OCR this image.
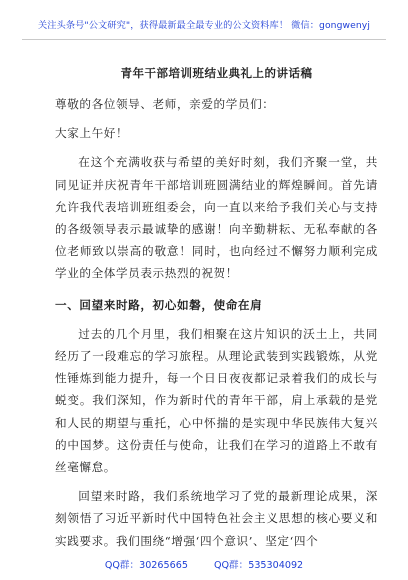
关注头条号"公文研究"，获得最新最全最专业的公文资料库！ 微信：gongwenyj
青年干部培训班结业典礼上的讲话稿

尊敬的各位领导、老师，亲爱的学员们：

大家上午好！

在这个充满收获与希望的美好时刻，我们齐聚一堂，共同见证并庆祝青年干部培训班圆满结业的辉煌瞬间。首先请允许我代表培训班组委会，向一直以来给予我们关心与支持的各级领导表示最诚挚的感谢！向辛勤耕耘、无私奉献的各位老师致以崇高的敬意！同时，也向经过不懈努力顺利完成学业的全体学员表示热烈的祝贺！

一、回望来时路，初心如磐，使命在肩

过去的几个月里，我们相聚在这片知识的沃土上，共同经历了一段难忘的学习旅程。从理论武装到实践锻炼，从党性锤炼到能力提升，每一个日日夜夜都记录着我们的成长与蜕变。我们深知，作为新时代的青年干部，肩上承载的是党和人民的期望与重托，心中怀揣的是实现中华民族伟大复兴的中国梦。这份责任与使命，让我们在学习的道路上不敢有丝毫懈怠。

回望来时路，我们系统地学习了党的最新理论成果，深刻领悟了习近平新时代中国特色社会主义思想的核心要义和实践要求。我们围绕“增强‘四个意识’、坚定‘四个

QQ群：30265665	QQ群：535304092
